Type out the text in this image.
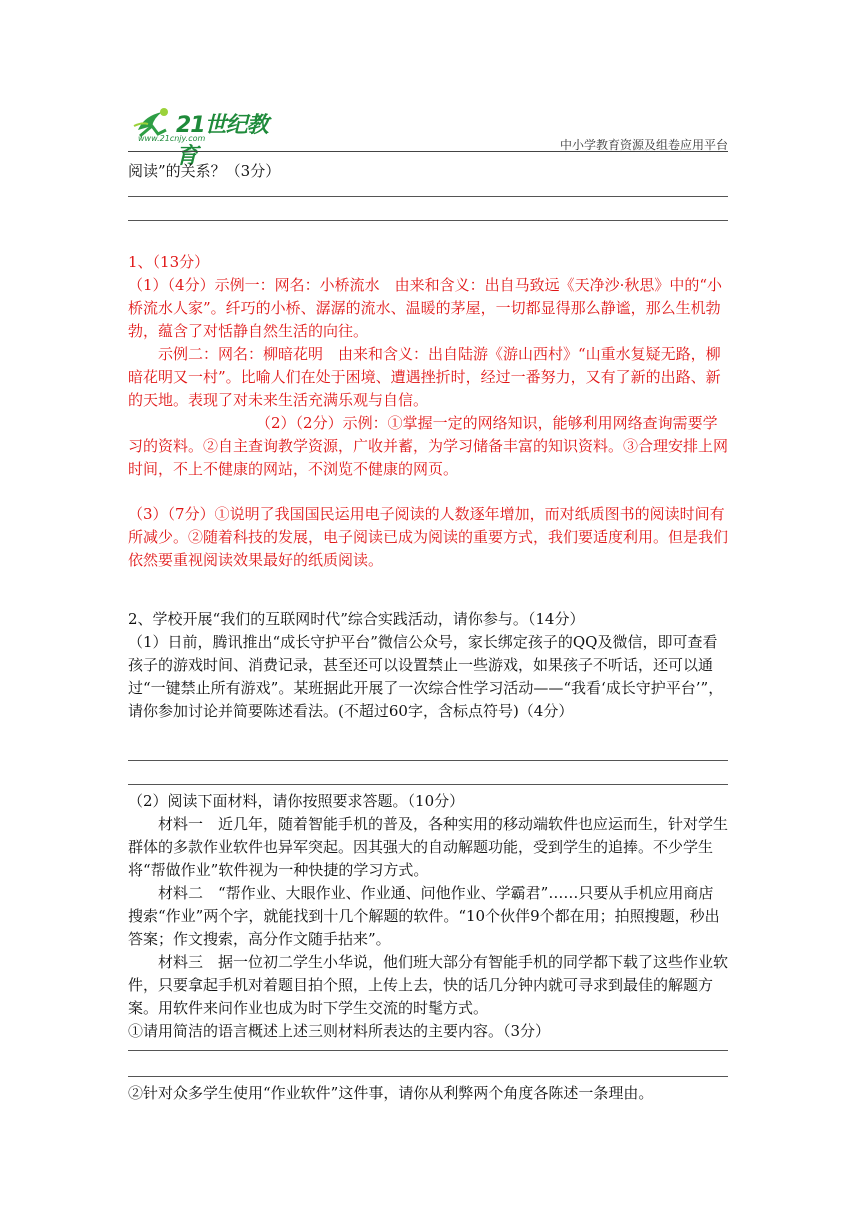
21世纪教育
www.21cnjy.com	中小学教育资源及组卷应用平台
阅读”的关系？（3分）

1、（13分）

（1）（4分）示例一：网名：小桥流水　由来和含义：出自马致远《天净沙·秋思》中的“小桥流水人家”。纤巧的小桥、潺潺的流水、温暖的茅屋，一切都显得那么静谧，那么生机勃勃，蕴含了对恬静自然生活的向往。

示例二：网名：柳暗花明　由来和含义：出自陆游《游山西村》“山重水复疑无路，柳暗花明又一村”。比喻人们在处于困境、遭遇挫折时，经过一番努力，又有了新的出路、新的天地。表现了对未来生活充满乐观与自信。

（2）（2分）示例：①掌握一定的网络知识，能够利用网络查询需要学习的资料。②自主查询教学资源，广收并蓄，为学习储备丰富的知识资料。③合理安排上网时间，不上不健康的网站，不浏览不健康的网页。

（3）（7分）①说明了我国国民运用电子阅读的人数逐年增加，而对纸质图书的阅读时间有所减少。②随着科技的发展，电子阅读已成为阅读的重要方式，我们要适度利用。但是我们依然要重视阅读效果最好的纸质阅读。

2、学校开展“我们的互联网时代”综合实践活动，请你参与。（14分）

（1）日前，腾讯推出“成长守护平台”微信公众号，家长绑定孩子的QQ及微信，即可查看孩子的游戏时间、消费记录，甚至还可以设置禁止一些游戏，如果孩子不听话，还可以通过“一键禁止所有游戏”。某班据此开展了一次综合性学习活动——“我看‘成长守护平台’”，请你参加讨论并简要陈述看法。(不超过60字，含标点符号)（4分）

（2）阅读下面材料，请你按照要求答题。（10分）

材料一　近几年，随着智能手机的普及，各种实用的移动端软件也应运而生，针对学生群体的多款作业软件也异军突起。因其强大的自动解题功能，受到学生的追捧。不少学生将“帮做作业”软件视为一种快捷的学习方式。

材料二　“帮作业、大眼作业、作业通、问他作业、学霸君”……只要从手机应用商店搜索“作业”两个字，就能找到十几个解题的软件。“10个伙伴9个都在用；拍照搜题，秒出答案；作文搜索，高分作文随手拈来”。

材料三　据一位初二学生小华说，他们班大部分有智能手机的同学都下载了这些作业软件，只要拿起手机对着题目拍个照，上传上去，快的话几分钟内就可寻求到最佳的解题方案。用软件来问作业也成为时下学生交流的时髦方式。

①请用简洁的语言概述上述三则材料所表达的主要内容。（3分）

②针对众多学生使用“作业软件”这件事，请你从利弊两个角度各陈述一条理由。
